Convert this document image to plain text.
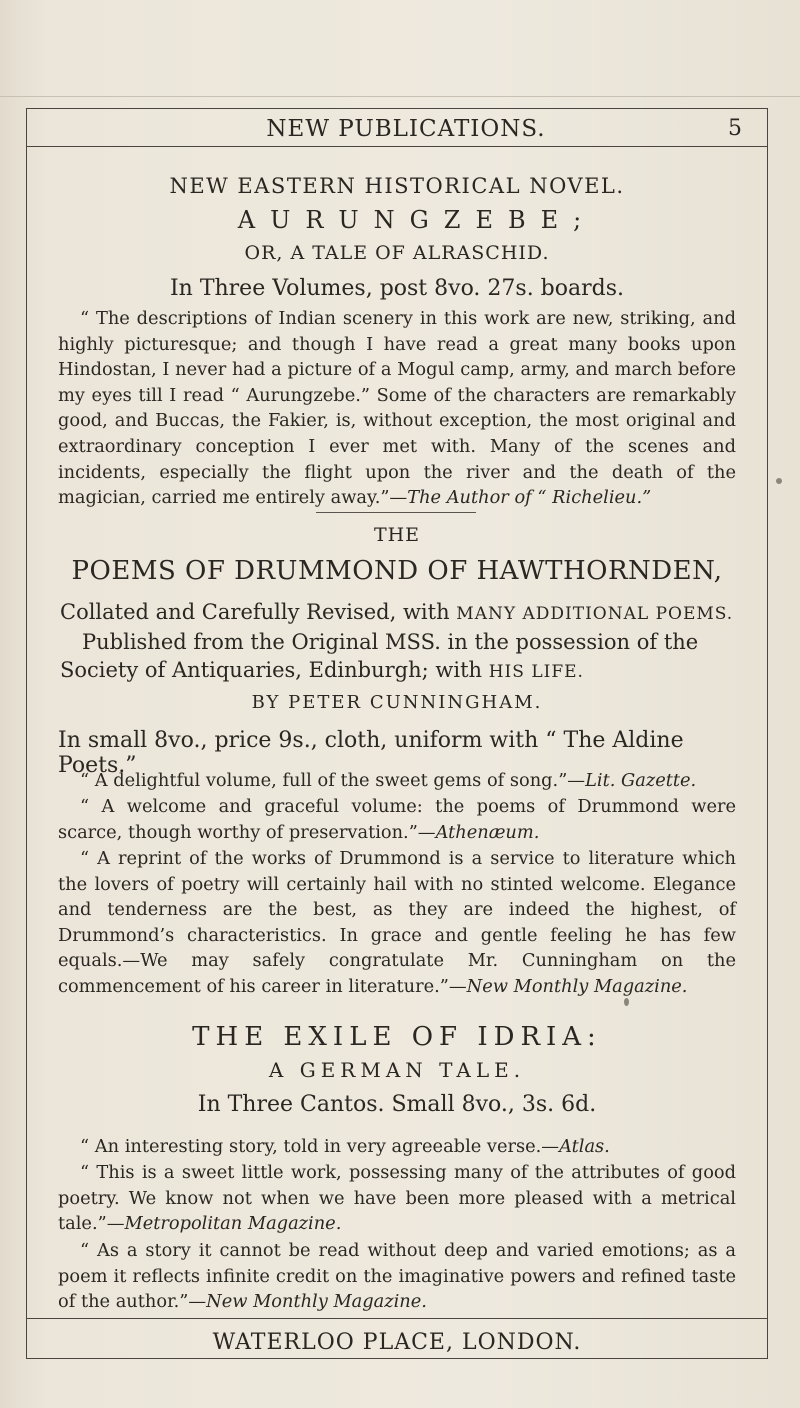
NEW PUBLICATIONS.	5
NEW EASTERN HISTORICAL NOVEL.
AURUNGZEBE;
OR, A TALE OF ALRASCHID.
In Three Volumes, post 8vo. 27s. boards.

“ The descriptions of Indian scenery in this work are new, striking, and highly picturesque; and though I have read a great many books upon Hindostan, I never had a picture of a Mogul camp, army, and march before my eyes till I read “ Aurungzebe.” Some of the characters are remarkably good, and Buccas, the Fakier, is, without exception, the most original and extraordinary conception I ever met with. Many of the scenes and incidents, especially the flight upon the river and the death of the magician, carried me entirely away.”—The Author of “ Richelieu.”

THE
POEMS OF DRUMMOND OF HAWTHORNDEN,
Collated and Carefully Revised, with MANY ADDITIONAL POEMS.
Published from the Original MSS. in the possession of the Society of Antiquaries, Edinburgh; with HIS LIFE.
BY PETER CUNNINGHAM.
In small 8vo., price 9s., cloth, uniform with “ The Aldine Poets.”

“ A delightful volume, full of the sweet gems of song.”—Lit. Gazette.

“ A welcome and graceful volume: the poems of Drummond were scarce, though worthy of preservation.”—Athenæum.

“ A reprint of the works of Drummond is a service to literature which the lovers of poetry will certainly hail with no stinted welcome. Elegance and tenderness are the best, as they are indeed the highest, of Drummond’s characteristics. In grace and gentle feeling he has few equals.—We may safely congratulate Mr. Cunningham on the commencement of his career in literature.”—New Monthly Magazine.

THE EXILE OF IDRIA:
A GERMAN TALE.
In Three Cantos. Small 8vo., 3s. 6d.

“ An interesting story, told in very agreeable verse.—Atlas.

“ This is a sweet little work, possessing many of the attributes of good poetry. We know not when we have been more pleased with a metrical tale.”—Metropolitan Magazine.

“ As a story it cannot be read without deep and varied emotions; as a poem it reflects infinite credit on the imaginative powers and refined taste of the author.”—New Monthly Magazine.

WATERLOO PLACE, LONDON.
